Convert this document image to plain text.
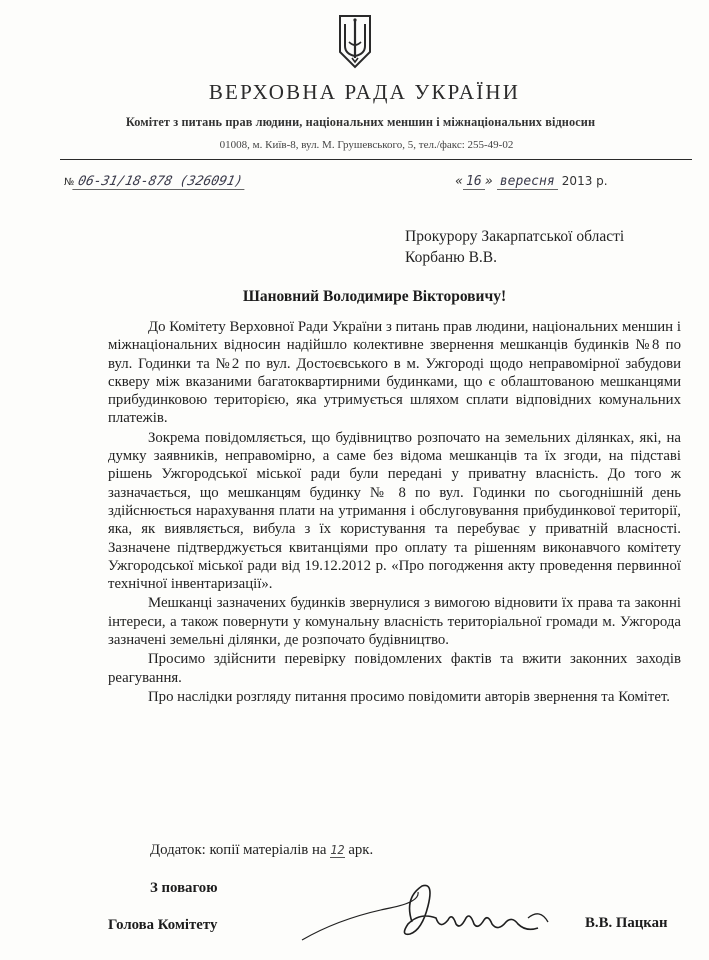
ВЕРХОВНА РАДА УКРАЇНИ
Комітет з питань прав людини, національних меншин і міжнаціональних відносин
01008, м. Київ-8, вул. М. Грушевського, 5, тел./факс: 255-49-02
№ 06-31/18-878 (326091)	« 16 » вересня 2013 р.
Прокурору Закарпатської області
Корбаню В.В.
Шановний Володимире Вікторовичу!

До Комітету Верховної Ради України з питань прав людини, національних меншин і міжнаціональних відносин надійшло колективне звернення мешканців будинків №8 по вул. Годинки та №2 по вул. Достоєвського в м. Ужгороді щодо неправомірної забудови скверу між вказаними багатоквартирними будинками, що є облаштованою мешканцями прибудинковою територією, яка утримується шляхом сплати відповідних комунальних платежів.

Зокрема повідомляється, що будівництво розпочато на земельних ділянках, які, на думку заявників, неправомірно, а саме без відома мешканців та їх згоди, на підставі рішень Ужгородської міської ради були передані у приватну власність. До того ж зазначається, що мешканцям будинку № 8 по вул. Годинки по сьогоднішній день здійснюється нарахування плати на утримання і обслуговування прибудинкової території, яка, як виявляється, вибула з їх користування та перебуває у приватній власності. Зазначене підтверджується квитанціями про оплату та рішенням виконавчого комітету Ужгородської міської ради від 19.12.2012 р. «Про погодження акту проведення первинної технічної інвентаризації».

Мешканці зазначених будинків звернулися з вимогою відновити їх права та законні інтереси, а також повернути у комунальну власність територіальної громади м. Ужгорода зазначені земельні ділянки, де розпочато будівництво.

Просимо здійснити перевірку повідомлених фактів та вжити законних заходів реагування.

Про наслідки розгляду питання просимо повідомити авторів звернення та Комітет.

Додаток: копії матеріалів на 12 арк.
З повагою
Голова Комітету	В.В. Пацкан
